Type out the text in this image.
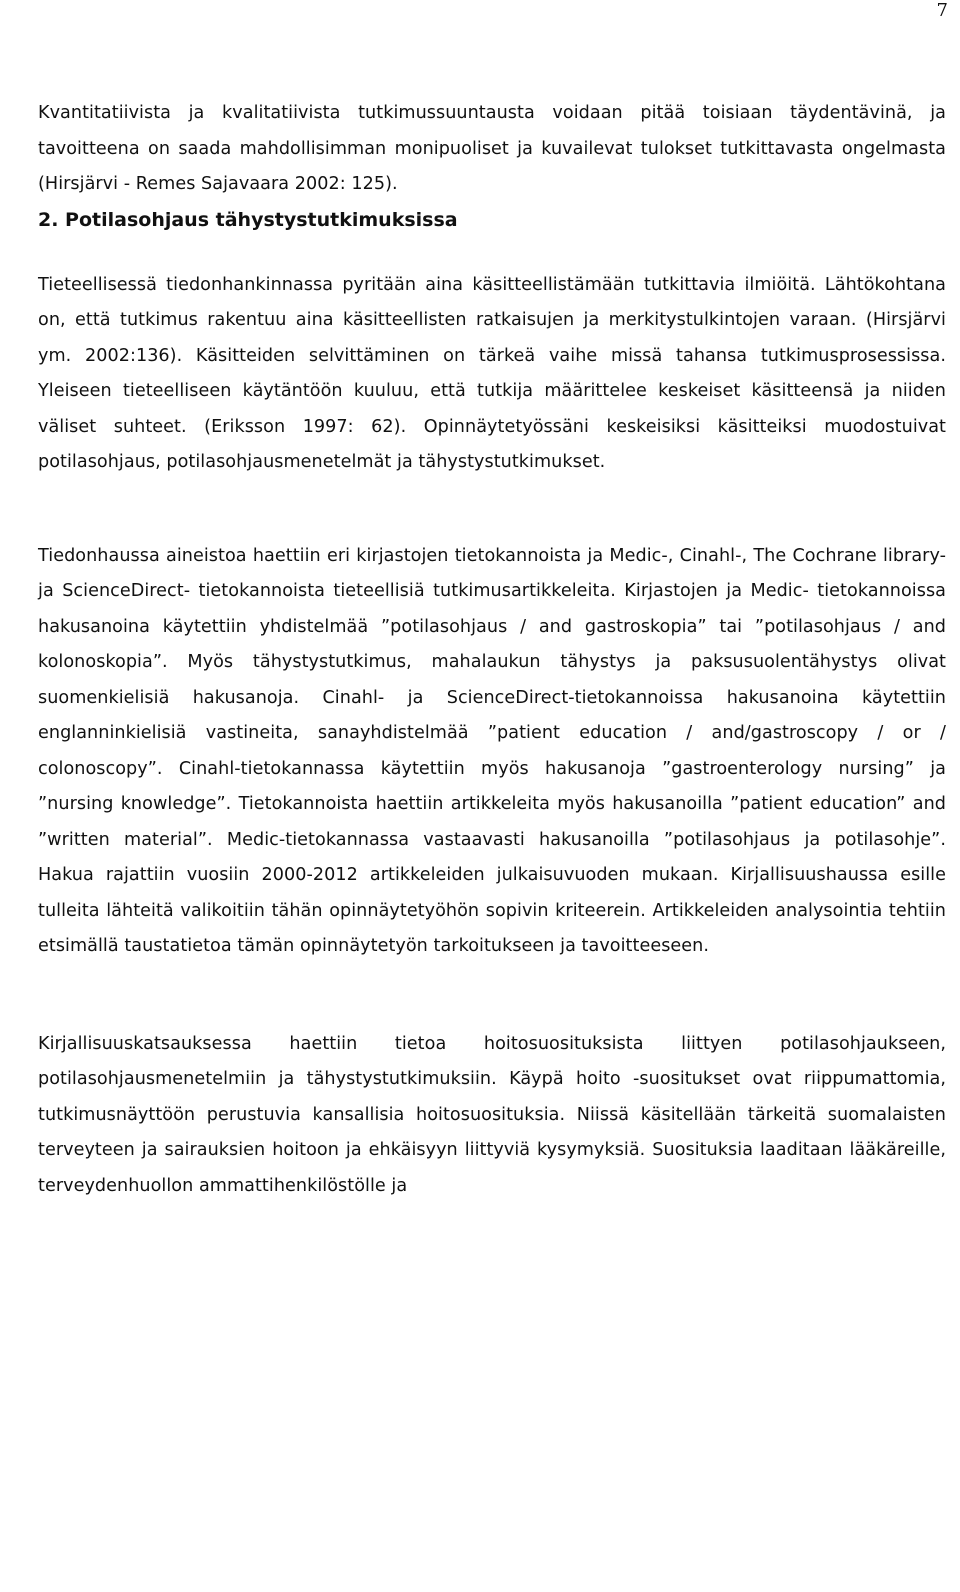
7

Kvantitatiivista ja kvalitatiivista tutkimussuuntausta voidaan pitää toisiaan täydentävinä, ja tavoitteena on saada mahdollisimman monipuoliset ja kuvailevat tulokset tutkittavasta ongelmasta (Hirsjärvi - Remes Sajavaara 2002: 125).

2. Potilasohjaus tähystystutkimuksissa

Tieteellisessä tiedonhankinnassa pyritään aina käsitteellistämään tutkittavia ilmiöitä. Lähtökohtana on, että tutkimus rakentuu aina käsitteellisten ratkaisujen ja merkitystulkintojen varaan. (Hirsjärvi ym. 2002:136). Käsitteiden selvittäminen on tärkeä vaihe missä tahansa tutkimusprosessissa. Yleiseen tieteelliseen käytäntöön kuuluu, että tutkija määrittelee keskeiset käsitteensä ja niiden väliset suhteet. (Eriksson 1997: 62). Opinnäytetyössäni keskeisiksi käsitteiksi muodostuivat potilasohjaus, potilasohjausmenetelmät ja tähystystutkimukset.

Tiedonhaussa aineistoa haettiin eri kirjastojen tietokannoista ja Medic-, Cinahl-, The Cochrane library- ja ScienceDirect- tietokannoista tieteellisiä tutkimusartikkeleita. Kirjastojen ja Medic- tietokannoissa hakusanoina käytettiin yhdistelmää ”potilasohjaus / and gastroskopia” tai ”potilasohjaus / and kolonoskopia”. Myös tähystystutkimus, mahalaukun tähystys ja paksusuolentähystys olivat suomenkielisiä hakusanoja. Cinahl- ja ScienceDirect-tietokannoissa hakusanoina käytettiin englanninkielisiä vastineita, sanayhdistelmää ”patient education / and/gastroscopy / or / colonoscopy”. Cinahl-tietokannassa käytettiin myös hakusanoja ”gastroenterology nursing” ja ”nursing knowledge”. Tietokannoista haettiin artikkeleita myös hakusanoilla ”patient education” and ”written material”. Medic-tietokannassa vastaavasti hakusanoilla ”potilasohjaus ja potilasohje”. Hakua rajattiin vuosiin 2000-2012 artikkeleiden julkaisuvuoden mukaan. Kirjallisuushaussa esille tulleita lähteitä valikoitiin tähän opinnäytetyöhön sopivin kriteerein. Artikkeleiden analysointia tehtiin etsimällä taustatietoa tämän opinnäytetyön tarkoitukseen ja tavoitteeseen.

Kirjallisuuskatsauksessa haettiin tietoa hoitosuosituksista liittyen potilasohjaukseen, potilasohjausmenetelmiin ja tähystystutkimuksiin. Käypä hoito -suositukset ovat riippumattomia, tutkimusnäyttöön perustuvia kansallisia hoitosuosituksia. Niissä käsitellään tärkeitä suomalaisten terveyteen ja sairauksien hoitoon ja ehkäisyyn liittyviä kysymyksiä. Suosituksia laaditaan lääkäreille, terveydenhuollon ammattihenkilöstölle ja
